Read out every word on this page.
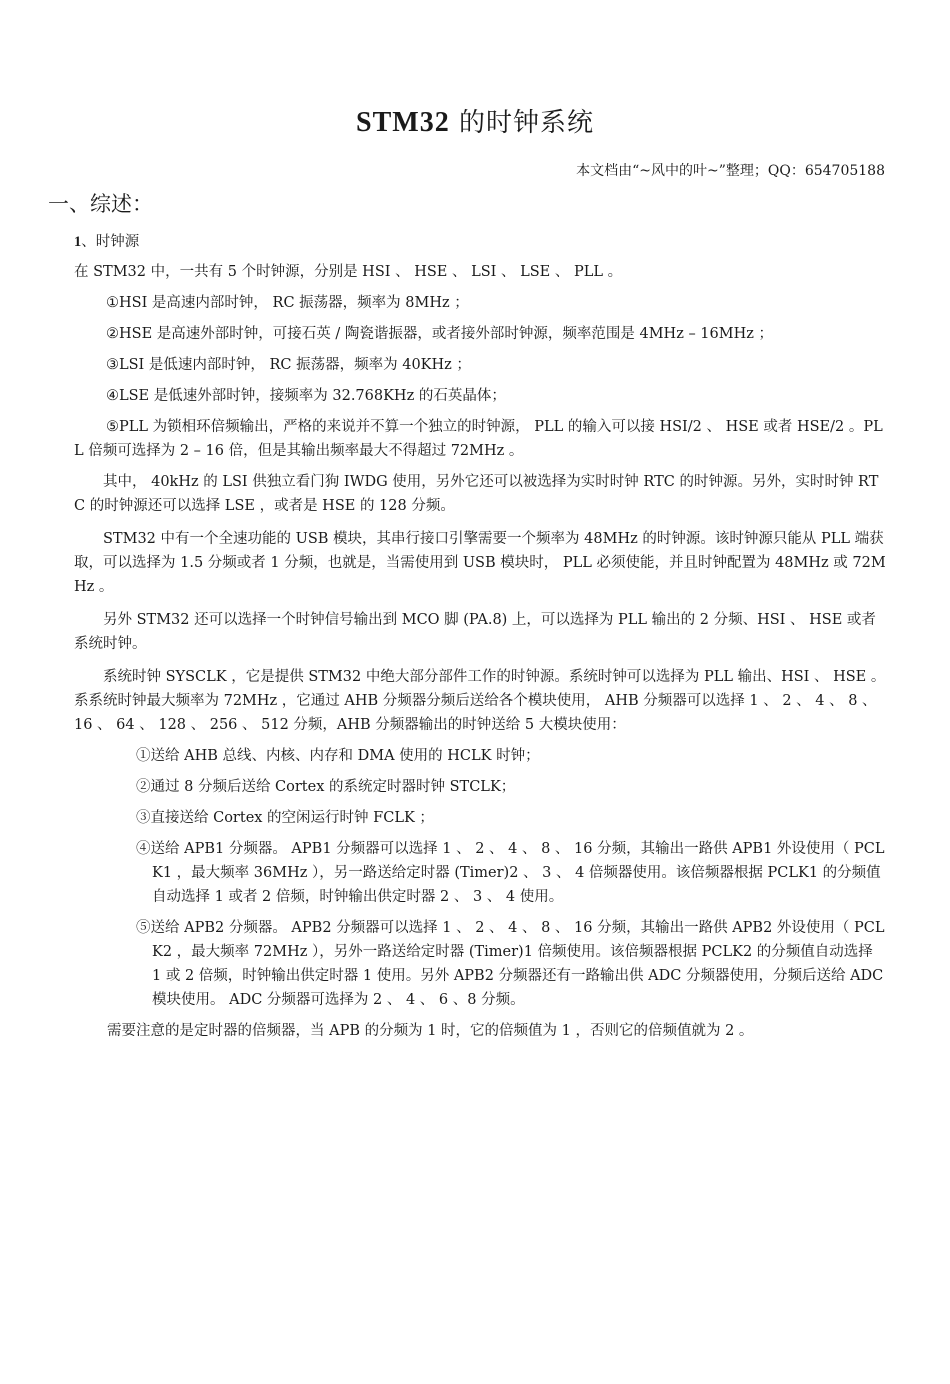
STM32 的时钟系统
本文档由“~风中的叶~”整理；QQ：654705188
一、综述：
1、时钟源

在 STM32 中，一共有 5 个时钟源，分别是 HSI 、 HSE 、 LSI 、 LSE 、 PLL 。

①HSI 是高速内部时钟， RC 振荡器，频率为 8MHz ；

②HSE 是高速外部时钟，可接石英 / 陶瓷谐振器，或者接外部时钟源，频率范围是 4MHz – 16MHz ；

③LSI 是低速内部时钟， RC 振荡器，频率为 40KHz ；

④LSE 是低速外部时钟，接频率为 32.768KHz 的石英晶体；

⑤PLL 为锁相环倍频输出，严格的来说并不算一个独立的时钟源， PLL 的输入可以接 HSI/2 、 HSE 或者 HSE/2 。PLL 倍频可选择为 2 – 16 倍，但是其输出频率最大不得超过 72MHz 。

其中， 40kHz 的 LSI 供独立看门狗 IWDG 使用，另外它还可以被选择为实时时钟 RTC 的时钟源。另外，实时时钟 RTC 的时钟源还可以选择 LSE ，或者是 HSE 的 128 分频。

STM32 中有一个全速功能的 USB 模块，其串行接口引擎需要一个频率为 48MHz 的时钟源。该时钟源只能从 PLL 端获取，可以选择为 1.5 分频或者 1 分频，也就是，当需使用到 USB 模块时， PLL 必须使能，并且时钟配置为 48MHz 或 72MHz 。

另外 STM32 还可以选择一个时钟信号输出到 MCO 脚 (PA.8) 上，可以选择为 PLL 输出的 2 分频、HSI 、 HSE 或者系统时钟。

系统时钟 SYSCLK ，它是提供 STM32 中绝大部分部件工作的时钟源。系统时钟可以选择为 PLL 输出、HSI 、 HSE 。系系统时钟最大频率为 72MHz ，它通过 AHB 分频器分频后送给各个模块使用， AHB 分频器可以选择 1 、 2 、 4 、 8 、 16 、 64 、 128 、 256 、 512 分频，AHB 分频器输出的时钟送给 5 大模块使用：

①送给 AHB 总线、内核、内存和 DMA 使用的 HCLK 时钟；

②通过 8 分频后送给 Cortex 的系统定时器时钟 STCLK；

③直接送给 Cortex 的空闲运行时钟 FCLK ；

④送给 APB1 分频器。 APB1 分频器可以选择 1 、 2 、 4 、 8 、 16 分频，其输出一路供 APB1 外设使用（ PCLK1 ，最大频率 36MHz ），另一路送给定时器 (Timer)2 、 3 、 4 倍频器使用。该倍频器根据 PCLK1 的分频值自动选择 1 或者 2 倍频，时钟输出供定时器 2 、 3 、 4 使用。

⑤送给 APB2 分频器。 APB2 分频器可以选择 1 、 2 、 4 、 8 、 16 分频，其输出一路供 APB2 外设使用（ PCLK2 ，最大频率 72MHz ），另外一路送给定时器 (Timer)1 倍频使用。该倍频器根据 PCLK2 的分频值自动选择 1 或 2 倍频，时钟输出供定时器 1 使用。另外 APB2 分频器还有一路输出供 ADC 分频器使用，分频后送给 ADC 模块使用。 ADC 分频器可选择为 2 、 4 、 6 、8 分频。

需要注意的是定时器的倍频器，当 APB 的分频为 1 时，它的倍频值为 1 ，否则它的倍频值就为 2 。
